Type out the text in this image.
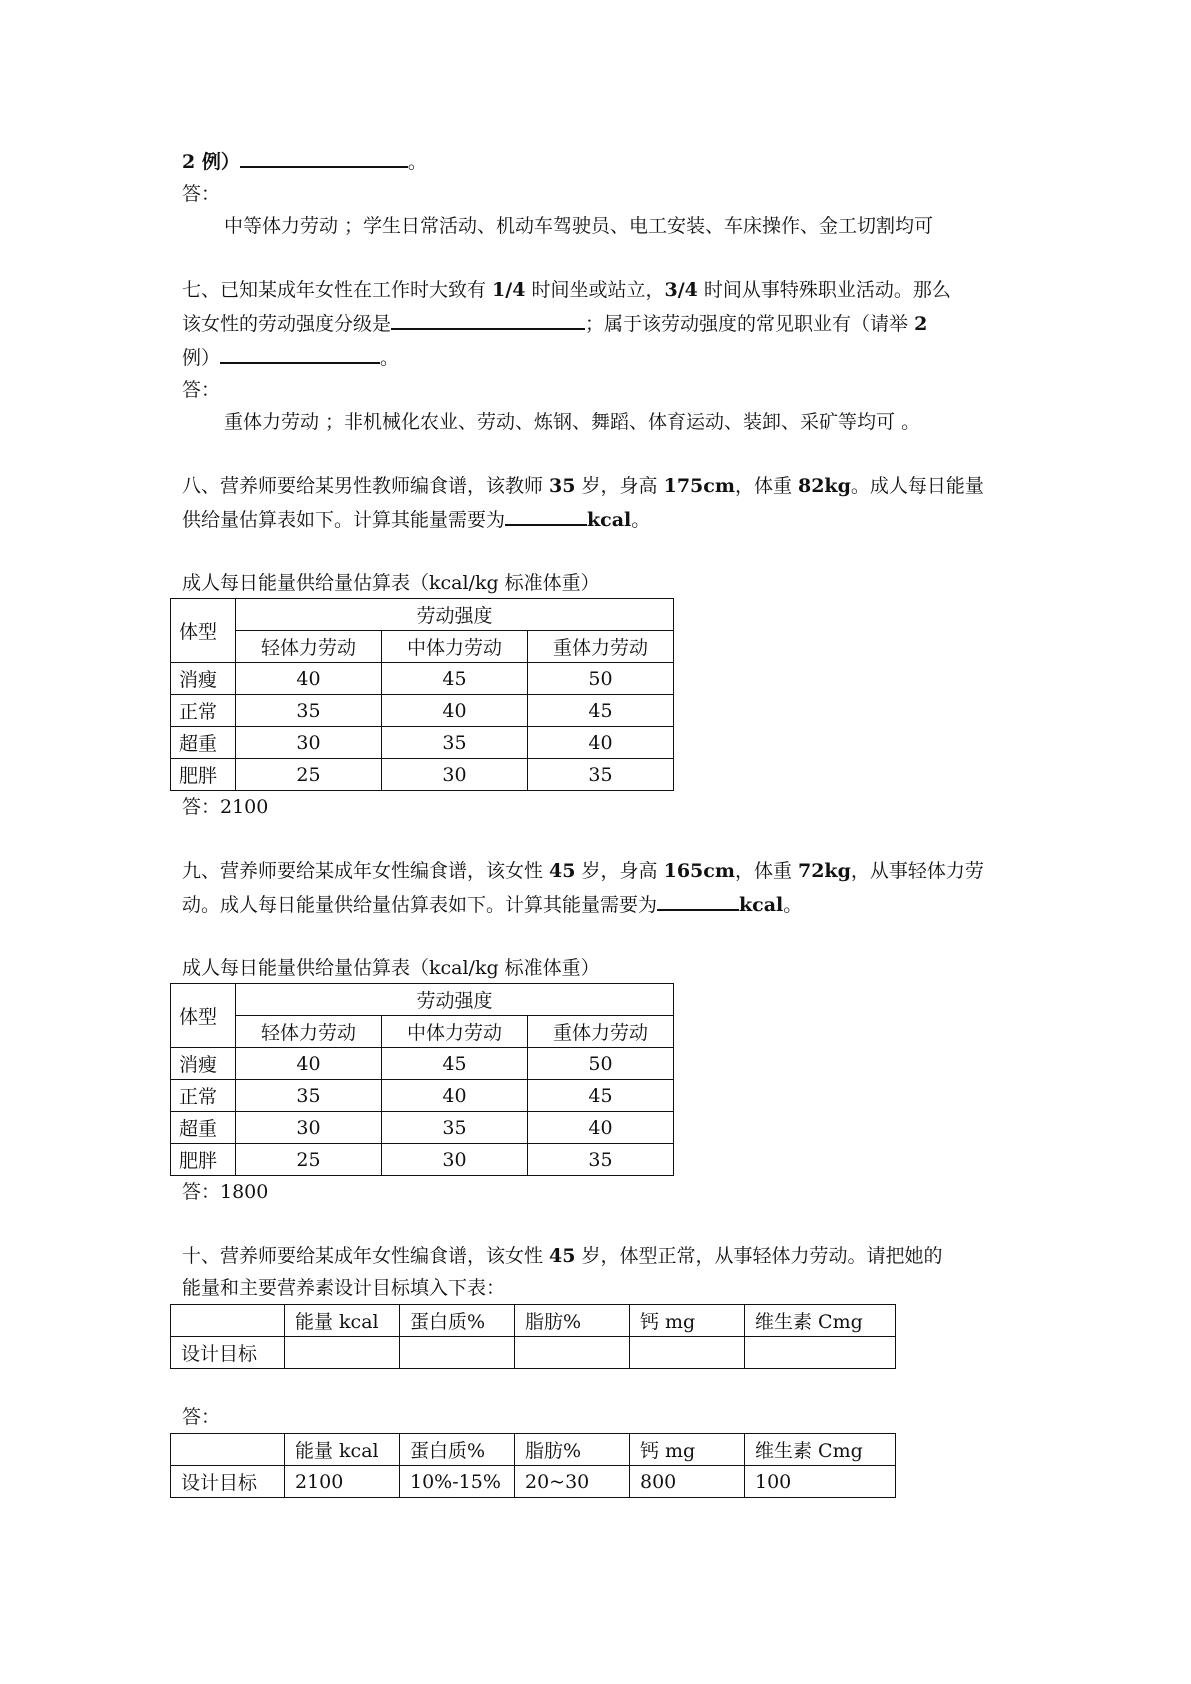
2 例）	。

答：

中等体力劳动 ；学生日常活动、机动车驾驶员、电工安装、车床操作、金工切割均可

七、已知某成年女性在工作时大致有 1/4 时间坐或站立，3/4 时间从事特殊职业活动。那么

该女性的劳动强度分级是	；属于该劳动强度的常见职业有（请举 2

例）	。

答：

重体力劳动 ；非机械化农业、劳动、炼钢、舞蹈、体育运动、装卸、采矿等均可 。

八、营养师要给某男性教师编食谱，该教师 35 岁，身高 175cm，体重 82kg。成人每日能量

供给量估算表如下。计算其能量需要为	kcal。

成人每日能量供给量估算表（kcal/kg 标准体重）

体型	劳动强度		
	轻体力劳动	中体力劳动	重体力劳动
消瘦	40	45	50
正常	35	40	45
超重	30	35	40
肥胖	25	30	35

答：2100

九、营养师要给某成年女性编食谱，该女性 45 岁，身高 165cm，体重 72kg，从事轻体力劳

动。成人每日能量供给量估算表如下。计算其能量需要为	kcal。

成人每日能量供给量估算表（kcal/kg 标准体重）

体型	劳动强度		
	轻体力劳动	中体力劳动	重体力劳动
消瘦	40	45	50
正常	35	40	45
超重	30	35	40
肥胖	25	30	35

答：1800

十、营养师要给某成年女性编食谱，该女性 45 岁，体型正常，从事轻体力劳动。请把她的

能量和主要营养素设计目标填入下表：

	能量 kcal	蛋白质%	脂肪%	钙 mg	维生素 Cmg
设计目标					

答：

	能量 kcal	蛋白质%	脂肪%	钙 mg	维生素 Cmg
设计目标	2100	10%-15%	20~30	800	100
